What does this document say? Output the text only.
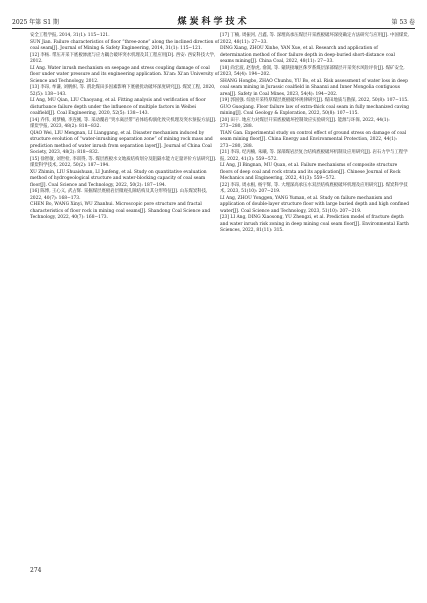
2025 年第 S1 期	煤炭科学技术	第 53 卷

安全工程学报, 2014, 31(1): 115−121.

SUN Jian. Failure characteristics of floor “three-zone” along the inclined direction of coal seam[J]. Journal of Mining & Safety Engineering, 2014, 31(1): 115−121.

[12] 李杨. 带压开采下底板渗流与应力耦合破坏突水机理及其工程应用[D]. 西安: 西安科技大学, 2012.

LI Ang. Water inrush mechanism on seepage and stress coupling damage of coal floor under water pressure and its engineering application. Xi'an: Xi'an University of Science and Technology, 2012.

[13] 李昂, 牟谦, 刘帆帜, 等. 渭北煤田多因素影响下底板扰动破坏深度研究[J]. 煤炭工程, 2020, 52(5): 138−143.

LI Ang, MU Qian, LIU Chaoyang, et al. Fitting analysis and verification of floor disturbance failure depth under the influence of multiple factors in Weibei coalfield[J]. Coal Engineering, 2020, 52(5): 138−143.

[14] 乔伟, 刘梦楠, 李连刚, 等. 采动覆岩“突水离层带”岩体结构演化致灾机理及突水预报方法[J]. 煤炭学报, 2023, 48(2): 818−832.

QIAO Wei, LIU Mengnan, LI Lianggang, et al. Disaster mechanism induced by structure evolution of “water-inrushing separation zone” of mining rock mass and prediction method of water inrush from separation layer[J]. Journal of China Coal Society, 2023, 48(2): 818−832.

[15] 徐智敏, 刘世检, 李训得, 等. 煤层底板水文地质结构划分及阻隔水能力定量评价方法研究[J]. 煤炭科学技术, 2022, 50(2): 187−194.

XU Zhimin, LIU Shuaishuan, LI Junfeng, et al. Study on quantitative evaluation method of hydrogeological structure and water-blocking capacity of coal seam floor[J]. Coal Science and Technology, 2022, 50(2): 187−194.

[16] 陈博, 王心义, 武占辉. 采掘煤层底板岩层微观孔隙结构及其分形特征[J]. 山东煤炭科技, 2022, 40(7): 168−173.

CHEN Bo, WANG Xinyi, WU Zhanhui. Microscopic pore structure and fractal characteristics of floor rock in mining coal seams[J]. Shandong Coal Science and Technology, 2022, 40(7): 168−173.

[17] 丁楠, 周振河, 吕鑫, 等. 深埋高承压煤层开采底板破坏深度确定方法研究与应用[J]. 中国煤炭, 2022, 48(11): 27−33.

DING Xiang, ZHOU Xinhe, YAN Xue, et al. Research and application of determination method of floor failure depth in deep-buried short-distance coal seams mining[J]. China Coal, 2022, 48(11): 27−33.

[18] 尚宏波, 赵春虎, 俞嵩, 等. 蒙陕接壤区侏罗系煤层深部煤层开采突水风险评价[J]. 煤矿安全, 2023, 54(4): 194−202.

SHANG Hongbo, ZHAO Chunhu, YU Bo, et al. Risk assessment of water loss in deep coal seam mining in Jurassic coalfield in Shaanxi and Inner Mongolia contiguous area[J]. Safety in Coal Mines, 2023, 54(4): 194−202.

[19] 郭国强. 综放开采特厚煤层底板破坏规律研究[J]. 煤田地质与勘探, 2022, 50(8): 107−115.

GUO Guoqiang. Floor failure law of extra-thick coal seam in fully mechanized caving mining[J]. Coal Geology & Exploration, 2022, 50(8): 107−115.

[20] 田干. 地应力对煤层开采底板破坏控制效应实验研究[J]. 能源与环保, 2022, 44(1): 273−280, 288.

TIAN Gan. Experimental study on control effect of ground stress on damage of coal seam mining floor[J]. China Energy and Environmental Protection, 2022, 44(1): 273−280, 288.

[21] 李昂, 纪丙楠, 朱曦, 等. 深部煤岩层复合结构底板破坏机制及应用研究[J]. 岩石力学与工程学报, 2022, 41(3): 559−572.

LI Ang, JI Bingnan, MU Quan, et al. Failure mechanisms of composite structure floors of deep coal and rock strata and its application[J]. Chinese Journal of Rock Mechanics and Engineering, 2022, 41(3): 559−572.

[22] 李昂, 周永根, 杨宇辉, 等. 大埋深高承压水双层结构底板破坏机理及应用研究[J]. 煤炭科学技术, 2023, 51(10): 207−219.

LI Ang, ZHOU Yonggen, YANG Yuman, et al. Study on failure mechanism and application of double-layer structure floor with large buried depth and high confined water[J]. Coal Science and Technology, 2023, 51(10): 207−219.

[23] LI Ang, DING Xiaosong, YU Zhengzi, et al. Prediction model of fracture depth and water inrush risk zoning in deep mining coal seam floor[J]. Environmental Earth Sciences, 2022, 81(11): 315.

274
